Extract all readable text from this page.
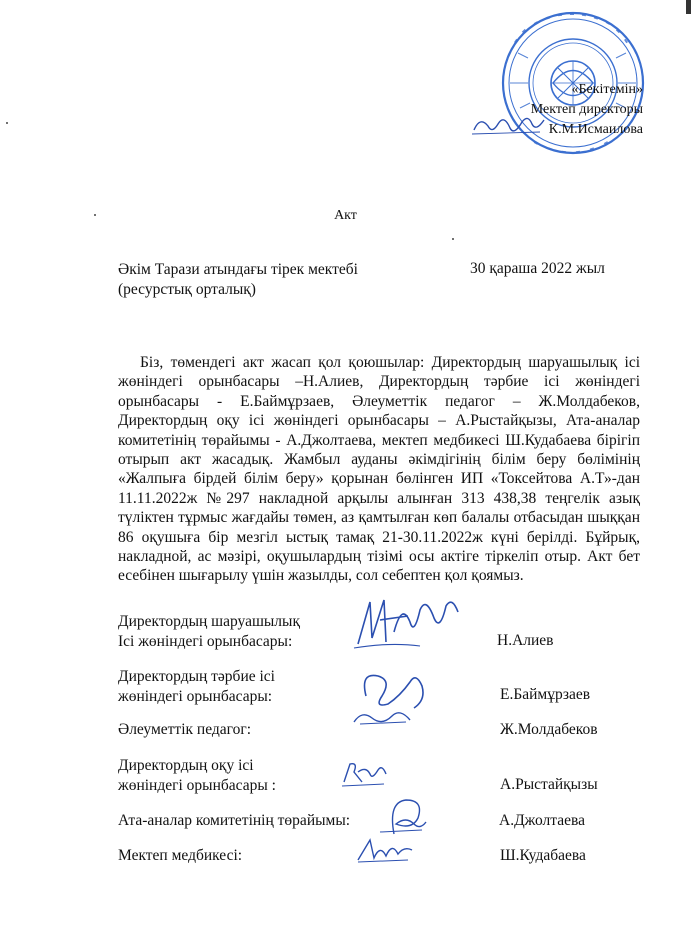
«Бекітемін»
Мектеп директоры
К.М.Исмаилова
Акт
Әкім Тарази атындағы тірек мектебі
(ресурстық орталық)
30 қараша 2022 жыл
Біз, төмендегі акт жасап қол қоюшылар: Директордың шаруашылық ісі жөніндегі орынбасары –Н.Алиев, Директордың тәрбие ісі жөніндегі орынбасары - Е.Баймұрзаев, Әлеуметтік педагог – Ж.Молдабеков, Директордың оқу ісі жөніндегі орынбасары – А.Рыстайқызы, Ата-аналар комитетінің төрайымы - А.Джолтаева, мектеп медбикесі Ш.Кудабаева бірігіп отырып акт жасадық. Жамбыл ауданы әкімдігінің білім беру бөлімінің «Жалпыға бірдей білім беру» қорынан бөлінген ИП «Токсейтова А.Т»-дан 11.11.2022ж №297 накладной арқылы алынған 313 438,38 теңгелік азық түліктен тұрмыс жағдайы төмен, аз қамтылған көп балалы отбасыдан шыққан 86 оқушыға бір мезгіл ыстық тамақ 21-30.11.2022ж күні берілді. Бұйрық, накладной, ас мәзірі, оқушылардың тізімі осы актіге тіркеліп отыр. Акт бет есебінен шығарылу үшін жазылды, сол себептен қол қоямыз.
Директордың шаруашылық
Ісі жөніндегі орынбасары:	Н.Алиев
Директордың тәрбие ісі
жөніндегі орынбасары:	Е.Баймұрзаев
Әлеуметтік педагог:	Ж.Молдабеков
Директордың оқу ісі
жөніндегі орынбасары :	А.Рыстайқызы
Ата-аналар комитетінің төрайымы:	А.Джолтаева
Мектеп медбикесі:	Ш.Кудабаева
